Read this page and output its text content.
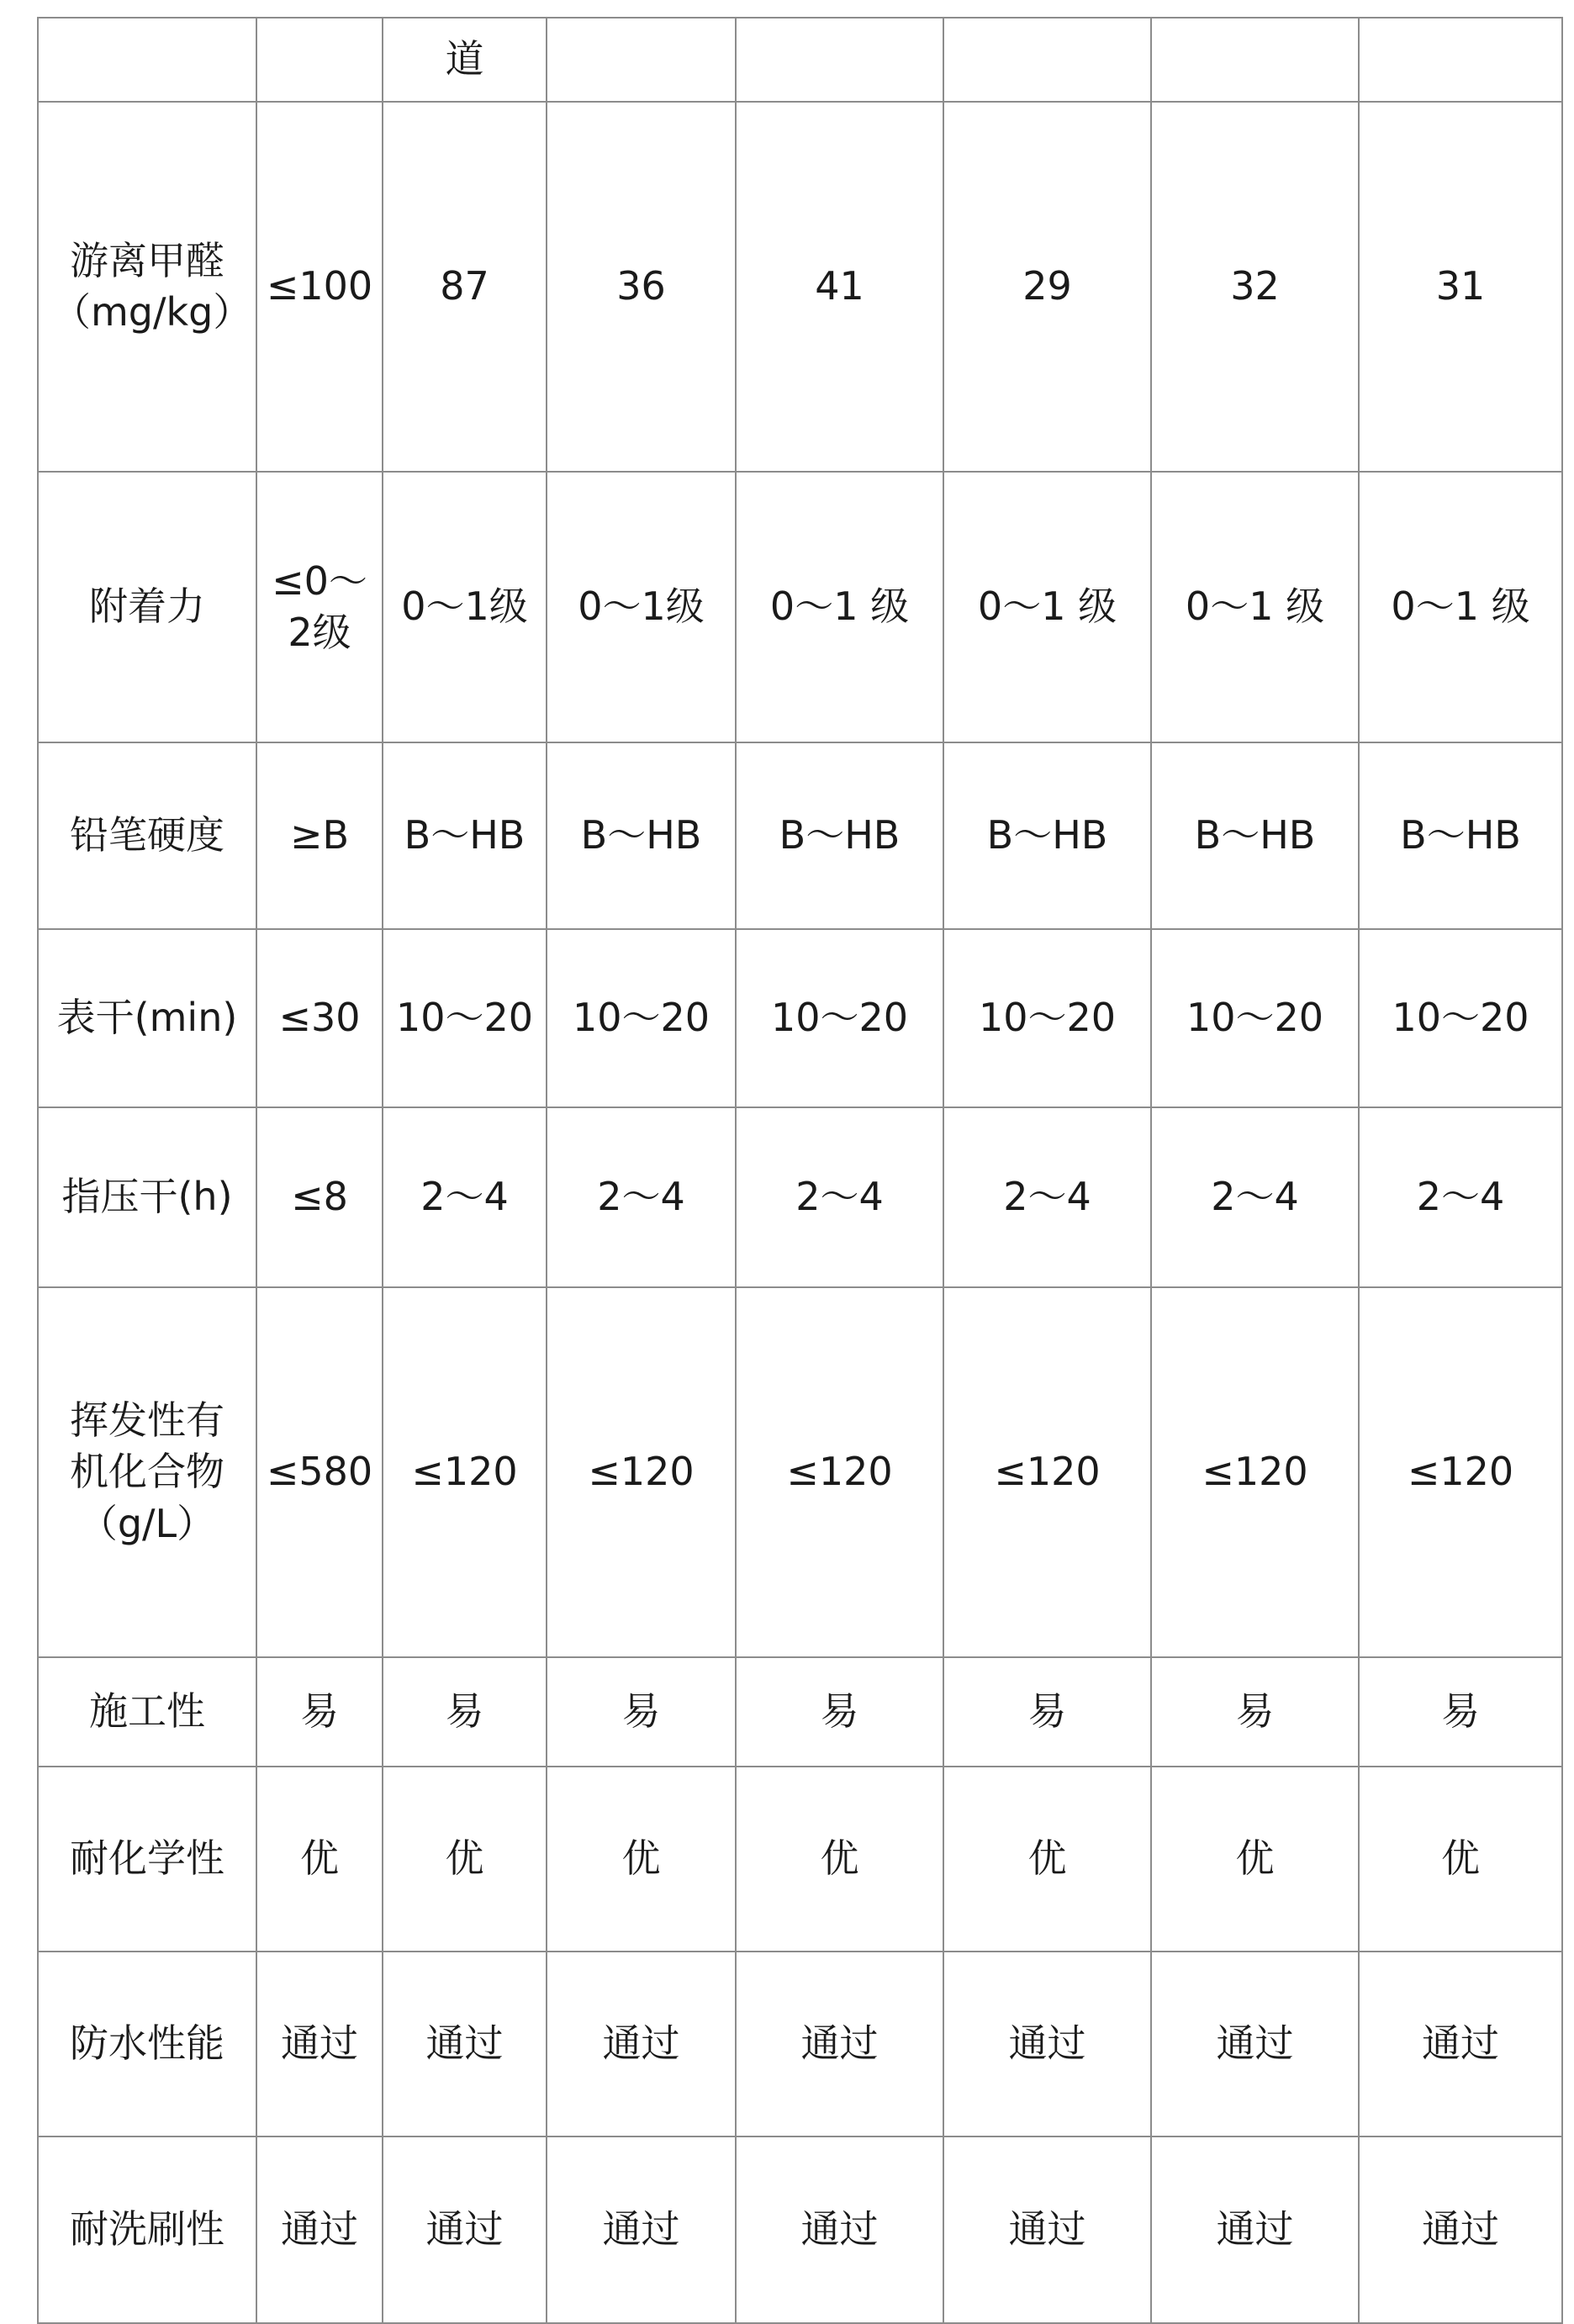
		道					

游离甲醛（mg/kg）	≤100	87	36	41	29	32	31

附着力	≤0～2级	0～1级	0～1级	0～1 级	0～1 级	0～1 级	0～1 级

铅笔硬度	≥B	B～HB	B～HB	B～HB	B～HB	B～HB	B～HB

表干(min)	≤30	10～20	10～20	10～20	10～20	10～20	10～20

指压干(h)	≤8	2～4	2～4	2～4	2～4	2～4	2～4

挥发性有机化合物（g/L）	≤580	≤120	≤120	≤120	≤120	≤120	≤120

施工性	易	易	易	易	易	易	易

耐化学性	优	优	优	优	优	优	优

防水性能	通过	通过	通过	通过	通过	通过	通过

耐洗刷性	通过	通过	通过	通过	通过	通过	通过
